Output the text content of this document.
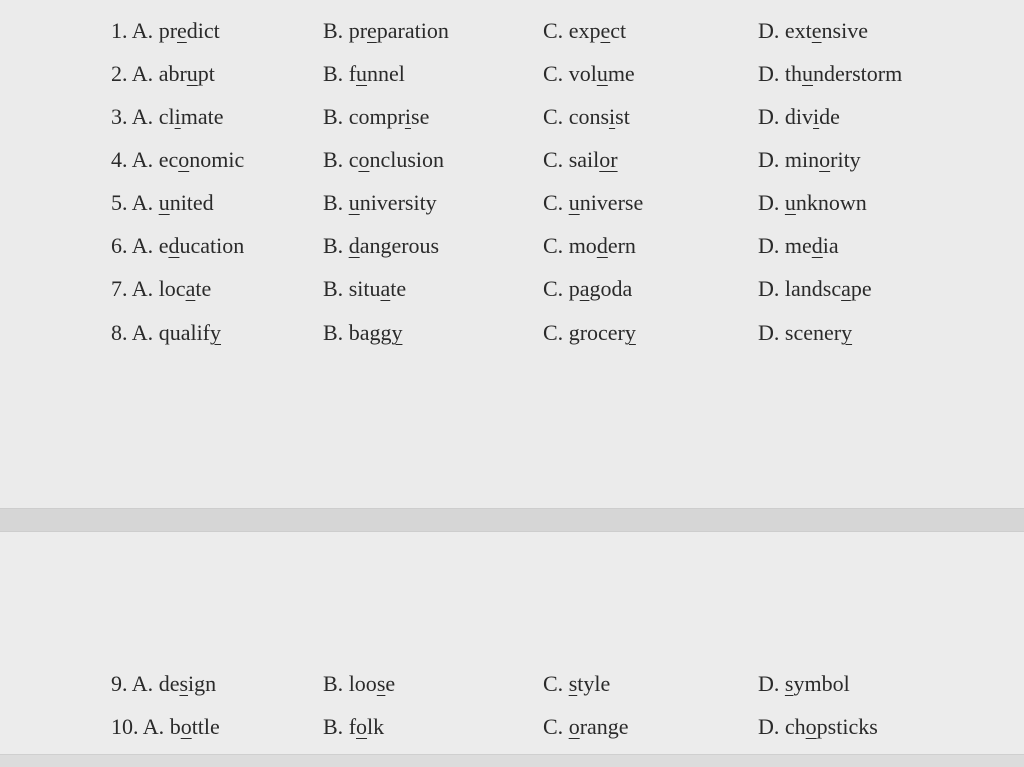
1. A. predict	B. preparation	C. expect	D. extensive
2. A. abrupt	B. funnel	C. volume	D. thunderstorm
3. A. climate	B. comprise	C. consist	D. divide
4. A. economic	B. conclusion	C. sailor	D. minority
5. A. united	B. university	C. universe	D. unknown
6. A. education	B. dangerous	C. modern	D. media
7. A. locate	B. situate	C. pagoda	D. landscape
8. A. qualify	B. baggy	C. grocery	D. scenery
9. A. design	B. loose	C. style	D. symbol
10. A. bottle	B. folk	C. orange	D. chopsticks
